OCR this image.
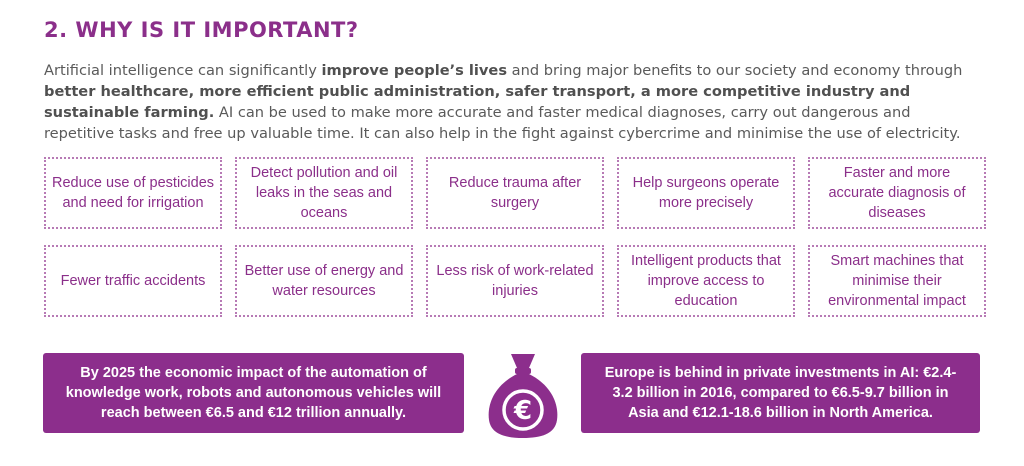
2. WHY IS IT IMPORTANT?
Artificial intelligence can significantly improve people’s lives and bring major benefits to our society and economy through better healthcare, more efficient public administration, safer transport, a more competitive industry and sustainable farming. AI can be used to make more accurate and faster medical diagnoses, carry out dangerous and repetitive tasks and free up valuable time. It can also help in the fight against cybercrime and minimise the use of electricity.
Reduce use of pesticides and need for irrigation
Detect pollution and oil leaks in the seas and oceans
Reduce trauma after surgery
Help surgeons operate more precisely
Faster and more accurate diagnosis of diseases
Fewer traffic accidents
Better use of energy and water resources
Less risk of work-related injuries
Intelligent products that improve access to education
Smart machines that minimise their environmental impact
By 2025 the economic impact of the automation of knowledge work, robots and autonomous vehicles will reach between €6.5 and €12 trillion annually.	€
Europe is behind in private investments in AI: €2.4-3.2 billion in 2016, compared to €6.5-9.7 billion in Asia and €12.1-18.6 billion in North America.
